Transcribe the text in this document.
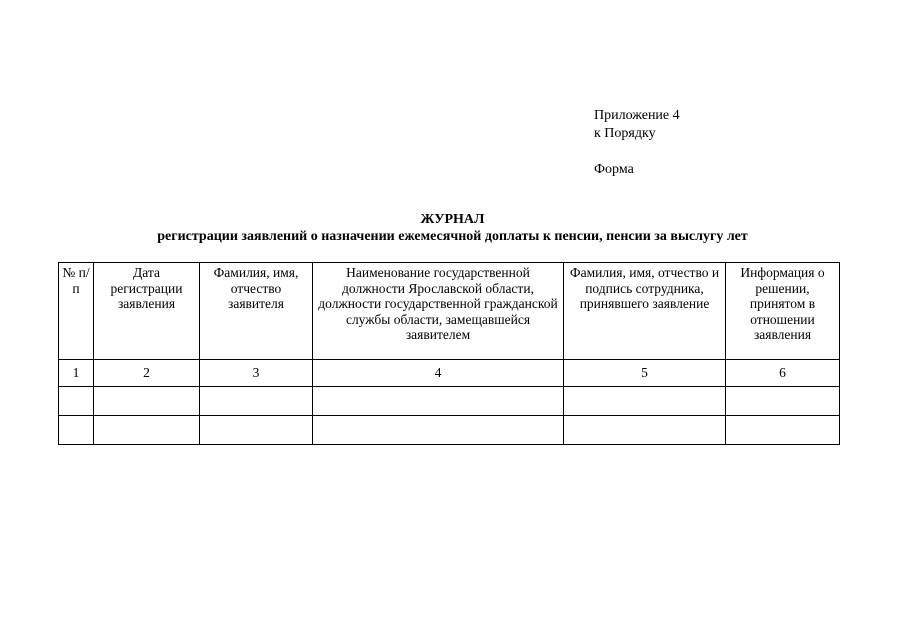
Приложение 4
к Порядку
Форма
ЖУРНАЛ
регистрации заявлений о назначении ежемесячной доплаты к пенсии, пенсии за выслугу лет
№ п/п	Дата регистрации заявления	Фамилия, имя, отчество заявителя	Наименование государственной должности Ярославской области, должности государственной гражданской службы области, замещавшейся заявителем	Фамилия, имя, отчество и подпись сотрудника, принявшего заявление	Информация о решении, принятом в отношении заявления
1	2	3	4	5	6
